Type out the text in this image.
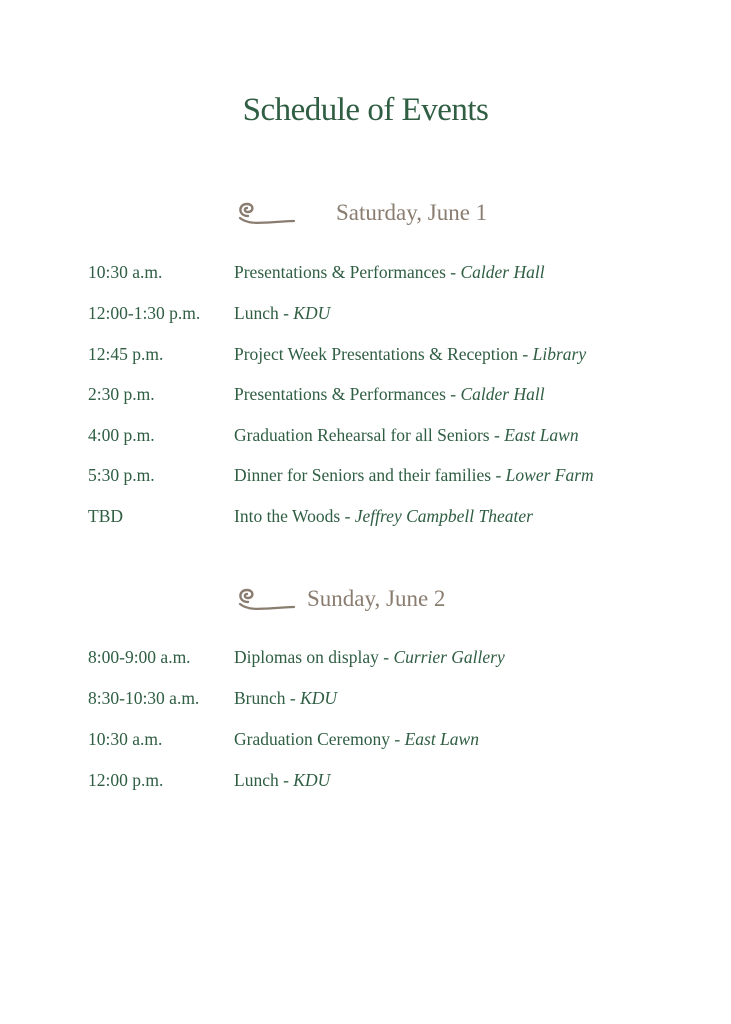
Schedule of Events
Saturday, June 1
10:30 a.m.	Presentations & Performances - Calder Hall
12:00-1:30 p.m. Lunch - KDU
12:45 p.m.	Project Week Presentations & Reception - Library
2:30 p.m.	Presentations & Performances - Calder Hall
4:00 p.m.	Graduation Rehearsal for all Seniors - East Lawn
5:30 p.m.	Dinner for Seniors and their families - Lower Farm
TBD	Into the Woods - Jeffrey Campbell Theater
Sunday, June 2
8:00-9:00 a.m. Diplomas on display - Currier Gallery
8:30-10:30 a.m. Brunch - KDU
10:30 a.m.	Graduation Ceremony - East Lawn
12:00 p.m.	Lunch - KDU
